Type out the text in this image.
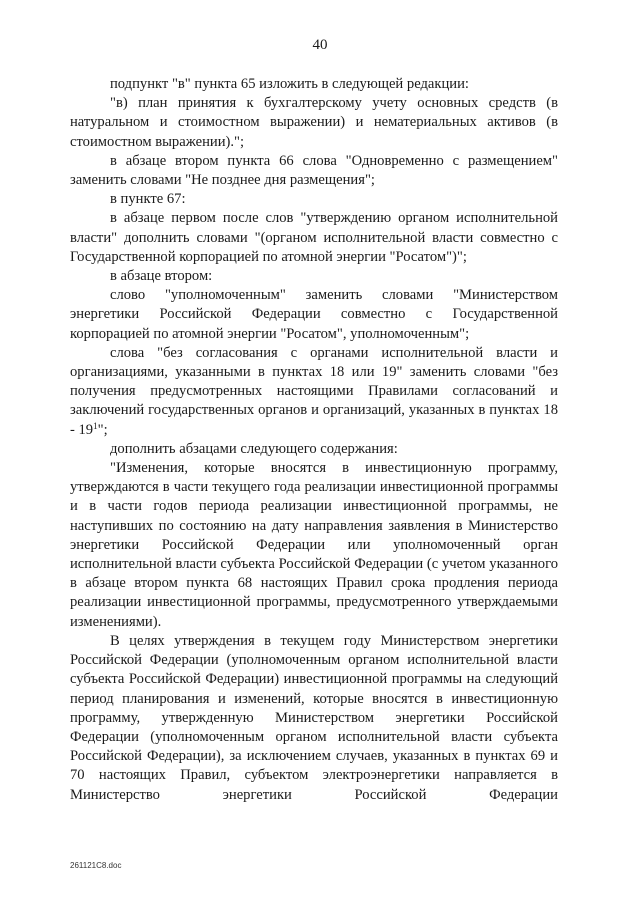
40

подпункт "в" пункта 65 изложить в следующей редакции:

"в) план принятия к бухгалтерскому учету основных средств (в натуральном и стоимостном выражении) и нематериальных активов (в стоимостном выражении).";

в абзаце втором пункта 66 слова "Одновременно с размещением" заменить словами "Не позднее дня размещения";

в пункте 67:

в абзаце первом после слов "утверждению органом исполнительной власти" дополнить словами "(органом исполнительной власти совместно с Государственной корпорацией по атомной энергии "Росатом")";

в абзаце втором:

слово "уполномоченным" заменить словами "Министерством энергетики Российской Федерации совместно с Государственной корпорацией по атомной энергии "Росатом", уполномоченным";

слова "без согласования с органами исполнительной власти и организациями, указанными в пунктах 18 или 19" заменить словами "без получения предусмотренных настоящими Правилами согласований и заключений государственных органов и организаций, указанных в пунктах $18 - 19^1$";

дополнить абзацами следующего содержания:

"Изменения, которые вносятся в инвестиционную программу, утверждаются в части текущего года реализации инвестиционной программы и в части годов периода реализации инвестиционной программы, не наступивших по состоянию на дату направления заявления в Министерство энергетики Российской Федерации или уполномоченный орган исполнительной власти субъекта Российской Федерации (с учетом указанного в абзаце втором пункта 68 настоящих Правил срока продления периода реализации инвестиционной программы, предусмотренного утверждаемыми изменениями).

В целях утверждения в текущем году Министерством энергетики Российской Федерации (уполномоченным органом исполнительной власти субъекта Российской Федерации) инвестиционной программы на следующий период планирования и изменений, которые вносятся в инвестиционную программу, утвержденную Министерством энергетики Российской Федерации (уполномоченным органом исполнительной власти субъекта Российской Федерации), за исключением случаев, указанных в пунктах 69 и 70 настоящих Правил, субъектом электроэнергетики направляется в Министерство энергетики Российской Федерации

261121C8.doc
